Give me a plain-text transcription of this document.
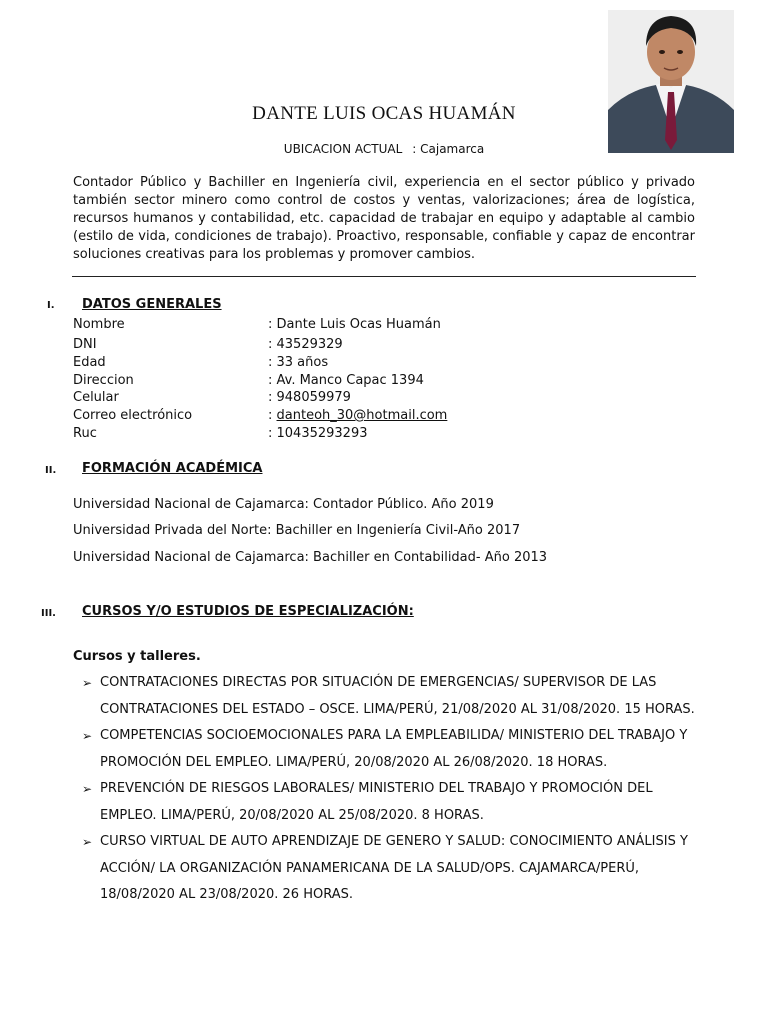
DANTE LUIS OCAS HUAMÁN
UBICACION ACTUAL : Cajamarca
Contador Público y Bachiller en Ingeniería civil, experiencia en el sector público y privado también sector minero como control de costos y ventas, valorizaciones; área de logística, recursos humanos y contabilidad, etc. capacidad de trabajar en equipo y adaptable al cambio (estilo de vida, condiciones de trabajo). Proactivo, responsable, confiable y capaz de encontrar soluciones creativas para los problemas y promover cambios.
I. DATOS GENERALES
Nombre	: Dante Luis Ocas Huamán
DNI	: 43529329
Edad	: 33 años
Direccion	: Av. Manco Capac 1394
Celular	: 948059979
Correo electrónico	: danteoh_30@hotmail.com
Ruc	: 10435293293
II. FORMACIÓN ACADÉMICA
Universidad Nacional de Cajamarca: Contador Público. Año 2019
Universidad Privada del Norte: Bachiller en Ingeniería Civil-Año 2017
Universidad Nacional de Cajamarca: Bachiller en Contabilidad- Año 2013
III. CURSOS Y/O ESTUDIOS DE ESPECIALIZACIÓN:
Cursos y talleres.
➢ CONTRATACIONES DIRECTAS POR SITUACIÓN DE EMERGENCIAS/ SUPERVISOR DE LAS CONTRATACIONES DEL ESTADO – OSCE. LIMA/PERÚ, 21/08/2020 AL 31/08/2020. 15 HORAS.
➢ COMPETENCIAS SOCIOEMOCIONALES PARA LA EMPLEABILIDA/ MINISTERIO DEL TRABAJO Y PROMOCIÓN DEL EMPLEO. LIMA/PERÚ, 20/08/2020 AL 26/08/2020. 18 HORAS.
➢ PREVENCIÓN DE RIESGOS LABORALES/ MINISTERIO DEL TRABAJO Y PROMOCIÓN DEL EMPLEO. LIMA/PERÚ, 20/08/2020 AL 25/08/2020. 8 HORAS.
➢ CURSO VIRTUAL DE AUTO APRENDIZAJE DE GENERO Y SALUD: CONOCIMIENTO ANÁLISIS Y ACCIÓN/ LA ORGANIZACIÓN PANAMERICANA DE LA SALUD/OPS. CAJAMARCA/PERÚ, 18/08/2020 AL 23/08/2020. 26 HORAS.
